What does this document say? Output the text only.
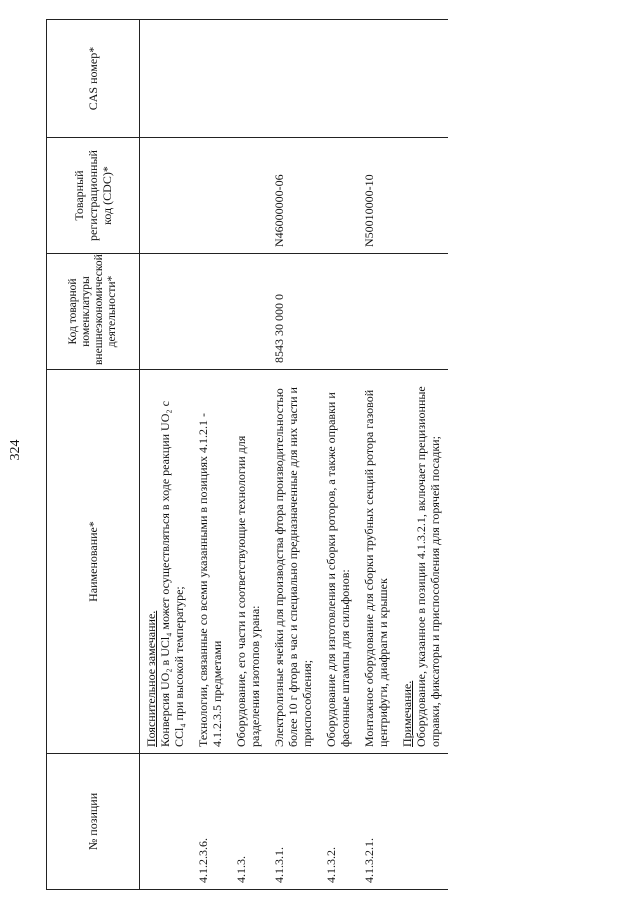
324
№ позиции	Наименование*	Код товарной номенклатуры внешнеэкономической деятельности*	Товарный регистрационный код (CDC)*	CAS номер*

	Пояснительное замечание. Конверсия UO₂ в UCl₄ может осуществляться в ходе реакции UO₂ с CCl₄ при высокой температуре;			

4.1.2.3.6.	Технологии, связанные со всеми указанными в позициях 4.1.2.1 - 4.1.2.3.5 предметами			
4.1.3.	Оборудование, его части и соответствующие технологии для разделения изотопов урана:			
4.1.3.1.	Электролизные ячейки для производства фтора производительностью более 10 г фтора в час и специально предназначенные для них части и приспособления;	8543 30 000 0	N46000000-06	
4.1.3.2.	Оборудование для изготовления и сборки роторов, а также оправки и фасонные штампы для сильфонов:			
4.1.3.2.1.	Монтажное оборудование для сборки трубных секций ротора газовой центрифуги, диафрагм и крышек Примечание. Оборудование, указанное в позиции 4.1.3.2.1, включает прецизионные оправки, фиксаторы и приспособления для горячей посадки;		N50010000-10	
